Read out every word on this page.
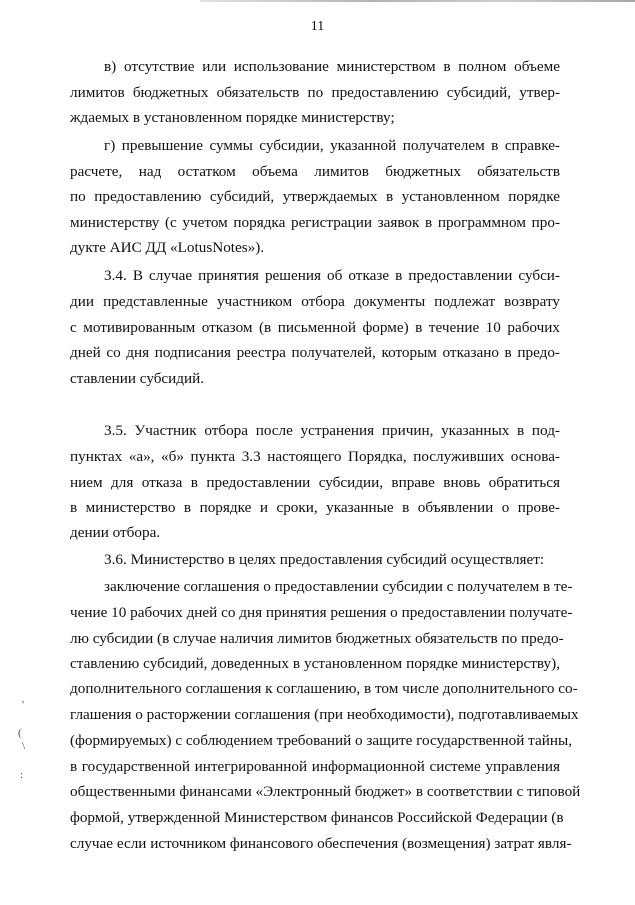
11
в) отсутствие или использование министерством в полном объеме
лимитов бюджетных обязательств по предоставлению субсидий, утвер-
ждаемых в установленном порядке министерству;
г) превышение суммы субсидии, указанной получателем в справке-
расчете, над остатком объема лимитов бюджетных обязательств
по предоставлению субсидий, утверждаемых в установленном порядке
министерству (с учетом порядка регистрации заявок в программном про-
дукте АИС ДД «LotusNotes»).
3.4. В случае принятия решения об отказе в предоставлении субси-
дии представленные участником отбора документы подлежат возврату
с мотивированным отказом (в письменной форме) в течение 10 рабочих
дней со дня подписания реестра получателей, которым отказано в предо-
ставлении субсидий.
3.5. Участник отбора после устранения причин, указанных в под-
пунктах «а», «б» пункта 3.3 настоящего Порядка, послуживших основа-
нием для отказа в предоставлении субсидии, вправе вновь обратиться
в министерство в порядке и сроки, указанные в объявлении о прове-
дении отбора.
3.6. Министерство в целях предоставления субсидий осуществляет:
заключение соглашения о предоставлении субсидии с получателем в те-
чение 10 рабочих дней со дня принятия решения о предоставлении получате-
лю субсидии (в случае наличия лимитов бюджетных обязательств по предо-
ставлению субсидий, доведенных в установленном порядке министерству),
дополнительного соглашения к соглашению, в том числе дополнительного со-
глашения о расторжении соглашения (при необходимости), подготавливаемых
(формируемых) с соблюдением требований о защите государственной тайны,
в государственной интегрированной информационной системе управления
общественными финансами «Электронный бюджет» в соответствии с типовой
формой, утвержденной Министерством финансов Российской Федерации (в
случае если источником финансового обеспечения (возмещения) затрат явля-
'
(
\
:
